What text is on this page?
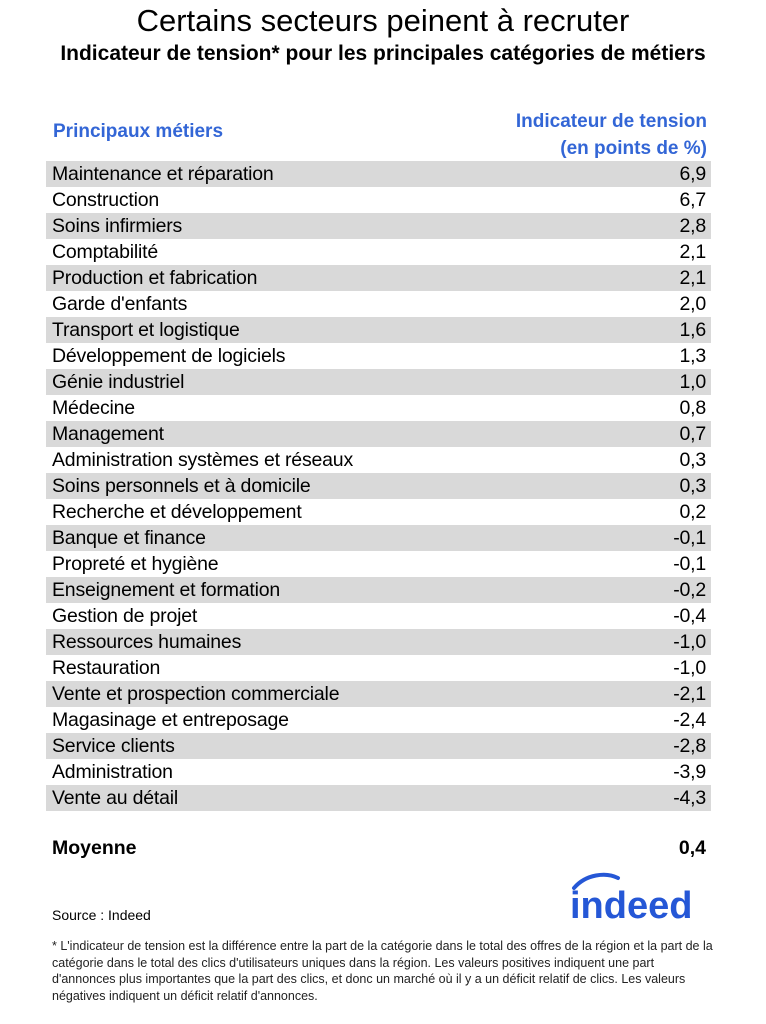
Certains secteurs peinent à recruter
Indicateur de tension* pour les principales catégories de métiers
Principaux métiers	Indicateur de tension
(en points de %)
Maintenance et réparation	6,9
Construction	6,7
Soins infirmiers	2,8
Comptabilité	2,1
Production et fabrication	2,1
Garde d'enfants	2,0
Transport et logistique	1,6
Développement de logiciels	1,3
Génie industriel	1,0
Médecine	0,8
Management	0,7
Administration systèmes et réseaux	0,3
Soins personnels et à domicile	0,3
Recherche et développement	0,2
Banque et finance	-0,1
Propreté et hygiène	-0,1
Enseignement et formation	-0,2
Gestion de projet	-0,4
Ressources humaines	-1,0
Restauration	-1,0
Vente et prospection commerciale	-2,1
Magasinage et entreposage	-2,4
Service clients	-2,8
Administration	-3,9
Vente au détail	-4,3
Moyenne	0,4
Source : Indeed	indeed
* L'indicateur de tension est la différence entre la part de la catégorie dans le total des offres de la région et la part de la catégorie dans le total des clics d'utilisateurs uniques dans la région. Les valeurs positives indiquent une part d'annonces plus importantes que la part des clics, et donc un marché où il y a un déficit relatif de clics. Les valeurs négatives indiquent un déficit relatif d'annonces.
